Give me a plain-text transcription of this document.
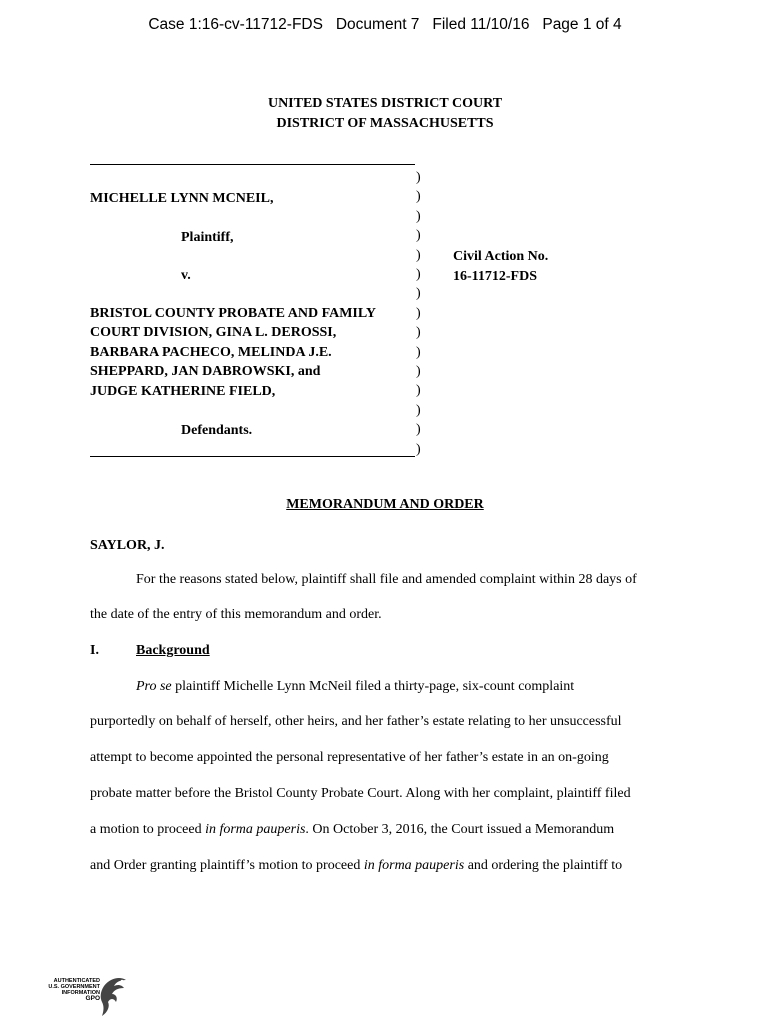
Case 1:16-cv-11712-FDS   Document 7   Filed 11/10/16   Page 1 of 4
UNITED STATES DISTRICT COURT
DISTRICT OF MASSACHUSETTS
MICHELLE LYNN MCNEIL,
Plaintiff,
v.
BRISTOL COUNTY PROBATE AND FAMILY
COURT DIVISION, GINA L. DEROSSI,
BARBARA PACHECO, MELINDA J.E.
SHEPPARD, JAN DABROWSKI, and
JUDGE KATHERINE FIELD,
Defendants.
)
)
)
)
)
)
)
)
)
)
)
)
)
)
)
Civil Action No.
16-11712-FDS
MEMORANDUM AND ORDER
SAYLOR, J.
For the reasons stated below, plaintiff shall file and amended complaint within 28 days of
the date of the entry of this memorandum and order.
I.	Background
Pro se plaintiff Michelle Lynn McNeil filed a thirty-page, six-count complaint
purportedly on behalf of herself, other heirs, and her father’s estate relating to her unsuccessful
attempt to become appointed the personal representative of her father’s estate in an on-going
probate matter before the Bristol County Probate Court. Along with her complaint, plaintiff filed
a motion to proceed in forma pauperis. On October 3, 2016, the Court issued a Memorandum
and Order granting plaintiff’s motion to proceed in forma pauperis and ordering the plaintiff to
AUTHENTICATED
U.S. GOVERNMENT
INFORMATION
GPO
